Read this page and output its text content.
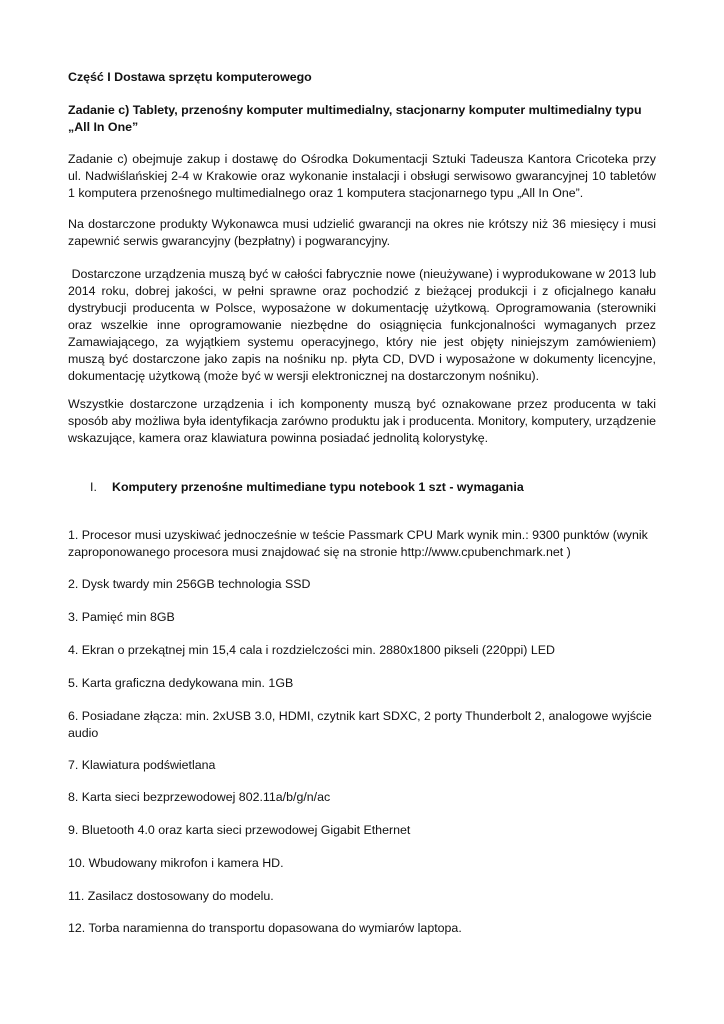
Część I Dostawa sprzętu komputerowego

Zadanie c) Tablety, przenośny komputer multimedialny, stacjonarny komputer multimedialny typu „All In One”

Zadanie c) obejmuje zakup i dostawę do Ośrodka Dokumentacji Sztuki Tadeusza Kantora Cricoteka przy ul. Nadwiślańskiej 2-4 w Krakowie oraz wykonanie instalacji i obsługi serwisowo gwarancyjnej 10 tabletów 1 komputera przenośnego multimedialnego oraz 1 komputera stacjonarnego typu „All In One”.

Na dostarczone produkty Wykonawca musi udzielić gwarancji na okres nie krótszy niż 36 miesięcy i musi zapewnić serwis gwarancyjny (bezpłatny) i pogwarancyjny.

Dostarczone urządzenia muszą być w całości fabrycznie nowe (nieużywane) i wyprodukowane w 2013 lub 2014 roku, dobrej jakości, w pełni sprawne oraz pochodzić z bieżącej produkcji i z oficjalnego kanału dystrybucji producenta w Polsce, wyposażone w dokumentację użytkową. Oprogramowania (sterowniki oraz wszelkie inne oprogramowanie niezbędne do osiągnięcia funkcjonalności wymaganych przez Zamawiającego, za wyjątkiem systemu operacyjnego, który nie jest objęty niniejszym zamówieniem) muszą być dostarczone jako zapis na nośniku np. płyta CD, DVD i wyposażone w dokumenty licencyjne, dokumentację użytkową (może być w wersji elektronicznej na dostarczonym nośniku).

Wszystkie dostarczone urządzenia i ich komponenty muszą być oznakowane przez producenta w taki sposób aby możliwa była identyfikacja zarówno produktu jak i producenta. Monitory, komputery, urządzenie wskazujące, kamera oraz klawiatura powinna posiadać jednolitą kolorystykę.

I. Komputery przenośne multimediane typu notebook 1 szt - wymagania

1. Procesor musi uzyskiwać jednocześnie w teście Passmark CPU Mark wynik min.: 9300 punktów (wynik zaproponowanego procesora musi znajdować się na stronie http://www.cpubenchmark.net )

2. Dysk twardy min 256GB technologia SSD

3. Pamięć min 8GB

4. Ekran o przekątnej min 15,4 cala i rozdzielczości min. 2880x1800 pikseli (220ppi) LED

5. Karta graficzna dedykowana min. 1GB

6. Posiadane złącza: min. 2xUSB 3.0, HDMI, czytnik kart SDXC, 2 porty Thunderbolt 2, analogowe wyjście audio

7. Klawiatura podświetlana

8. Karta sieci bezprzewodowej 802.11a/b/g/n/ac

9. Bluetooth 4.0 oraz karta sieci przewodowej Gigabit Ethernet

10. Wbudowany mikrofon i kamera HD.

11. Zasilacz dostosowany do modelu.

12. Torba naramienna do transportu dopasowana do wymiarów laptopa.
